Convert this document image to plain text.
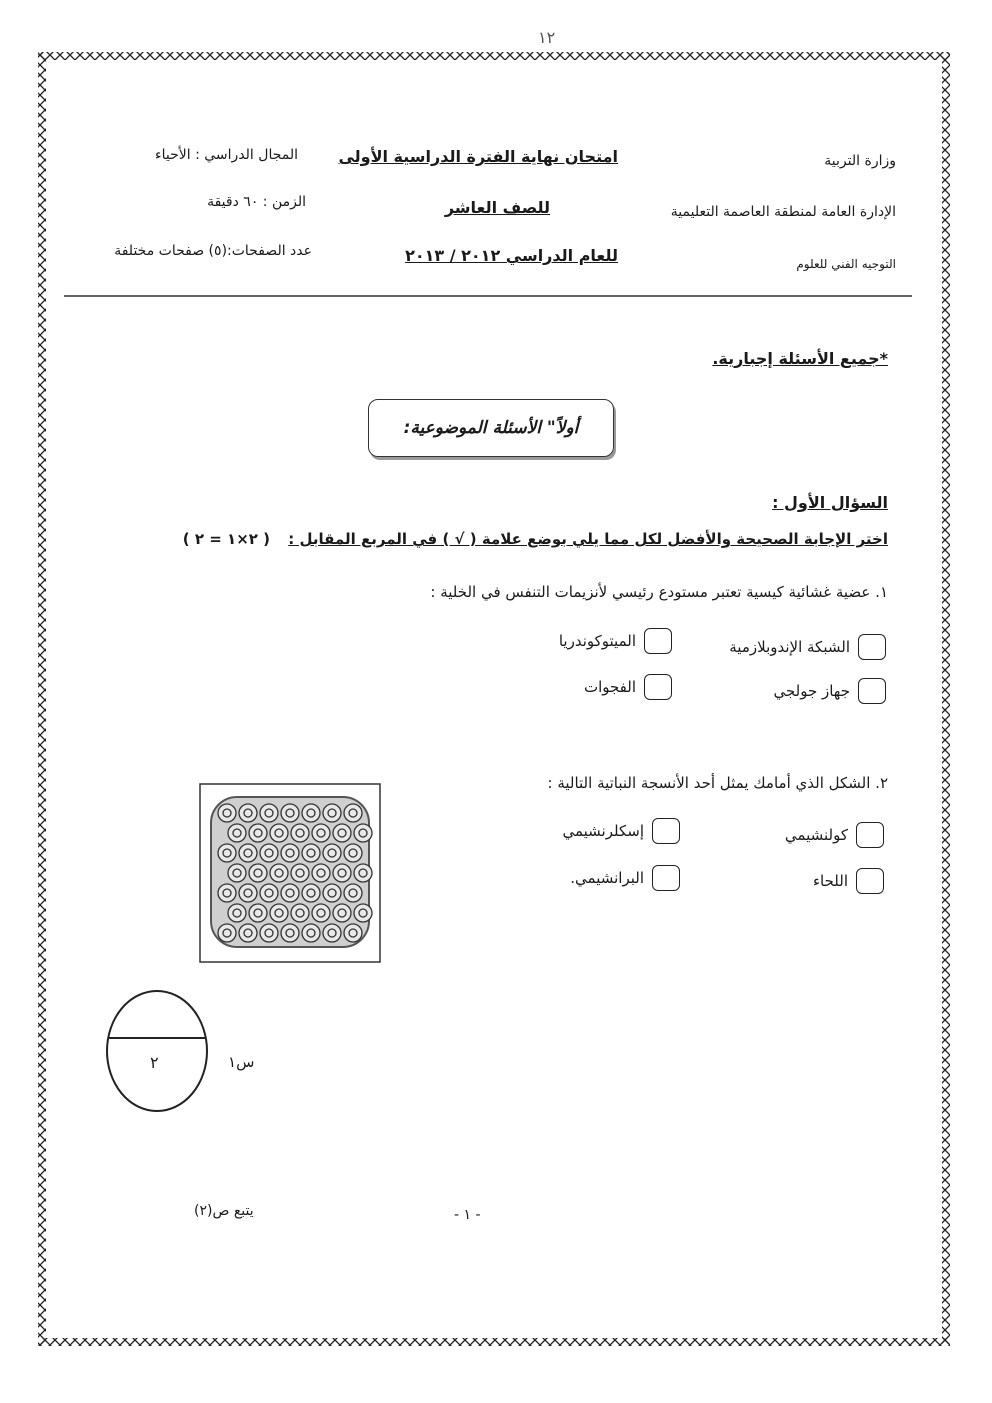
١٢
وزارة التربية
الإدارة العامة لمنطقة العاصمة التعليمية
التوجيه الفني للعلوم
امتحان نهاية الفترة الدراسية الأولى
للصف العاشر
للعام الدراسي ٢٠١٢ / ٢٠١٣
المجال الدراسي : الأحياء
الزمن : ٦٠ دقيقة
عدد الصفحات:(٥) صفحات مختلفة
*جميع الأسئلة إجبارية.
أولاً" الأسئلة الموضوعية:
السؤال الأول :
اختر الإجابة الصحيحة والأفضل لكل مما يلي بوضع علامة ( √ ) في المربع المقابل :
( ٢×١ = ٢ )
١. عضية غشائية كيسية تعتبر مستودع رئيسي لأنزيمات التنفس في الخلية :
الشبكة الإندوبلازمية
الميتوكوندريا
جهاز جولجي
الفجوات
٢. الشكل الذي أمامك يمثل أحد الأنسجة النباتية التالية :
كولنشيمي
إسكلرنشيمي
اللحاء
البرانشيمي.
٢	س١
- ١ -
يتبع ص(٢)
